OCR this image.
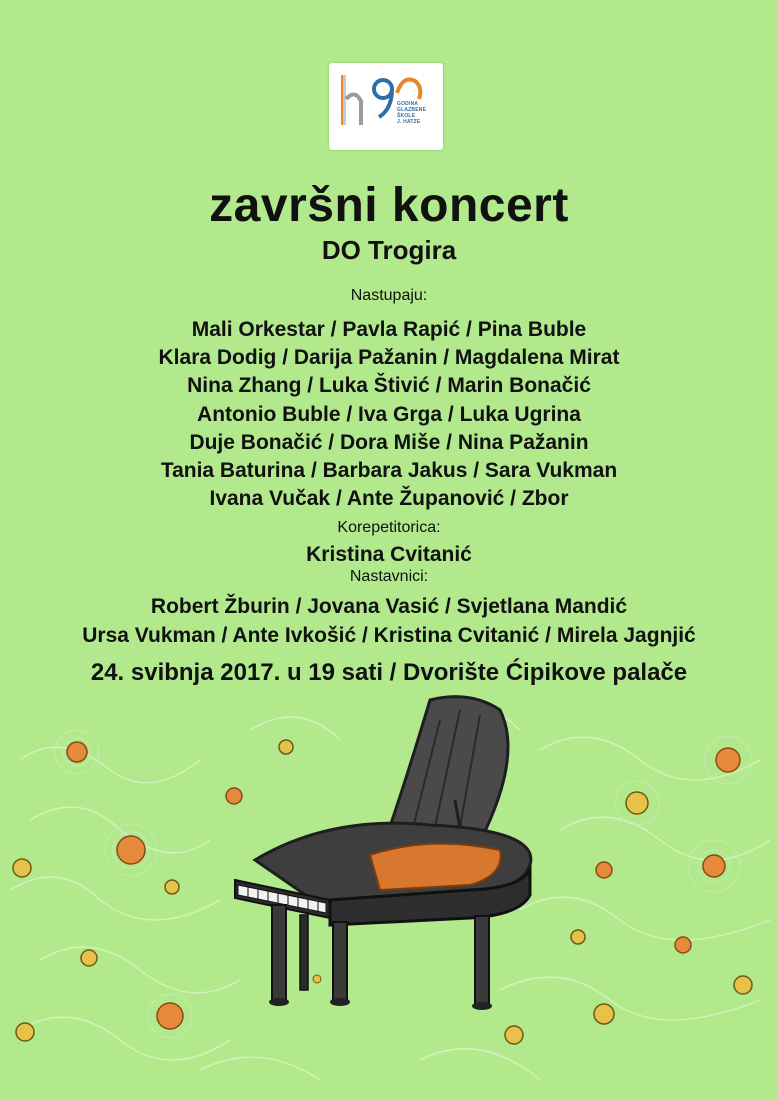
GODINA
GLAZBENE
ŠKOLE
J. HATZE
završni koncert
DO Trogira
Nastupaju:
Mali Orkestar / Pavla Rapić / Pina Buble
Klara Dodig / Darija Pažanin / Magdalena Mirat
Nina Zhang / Luka Štivić / Marin Bonačić
Antonio Buble / Iva Grga / Luka Ugrina
Duje Bonačić / Dora Miše / Nina Pažanin
Tania Baturina / Barbara Jakus / Sara Vukman
Ivana Vučak / Ante Županović / Zbor
Korepetitorica:
Kristina Cvitanić
Nastavnici:
Robert Žburin / Jovana Vasić / Svjetlana Mandić
Ursa Vukman / Ante Ivkošić / Kristina Cvitanić / Mirela Jagnjić
24. svibnja 2017. u 19 sati / Dvorište Ćipikove palače
